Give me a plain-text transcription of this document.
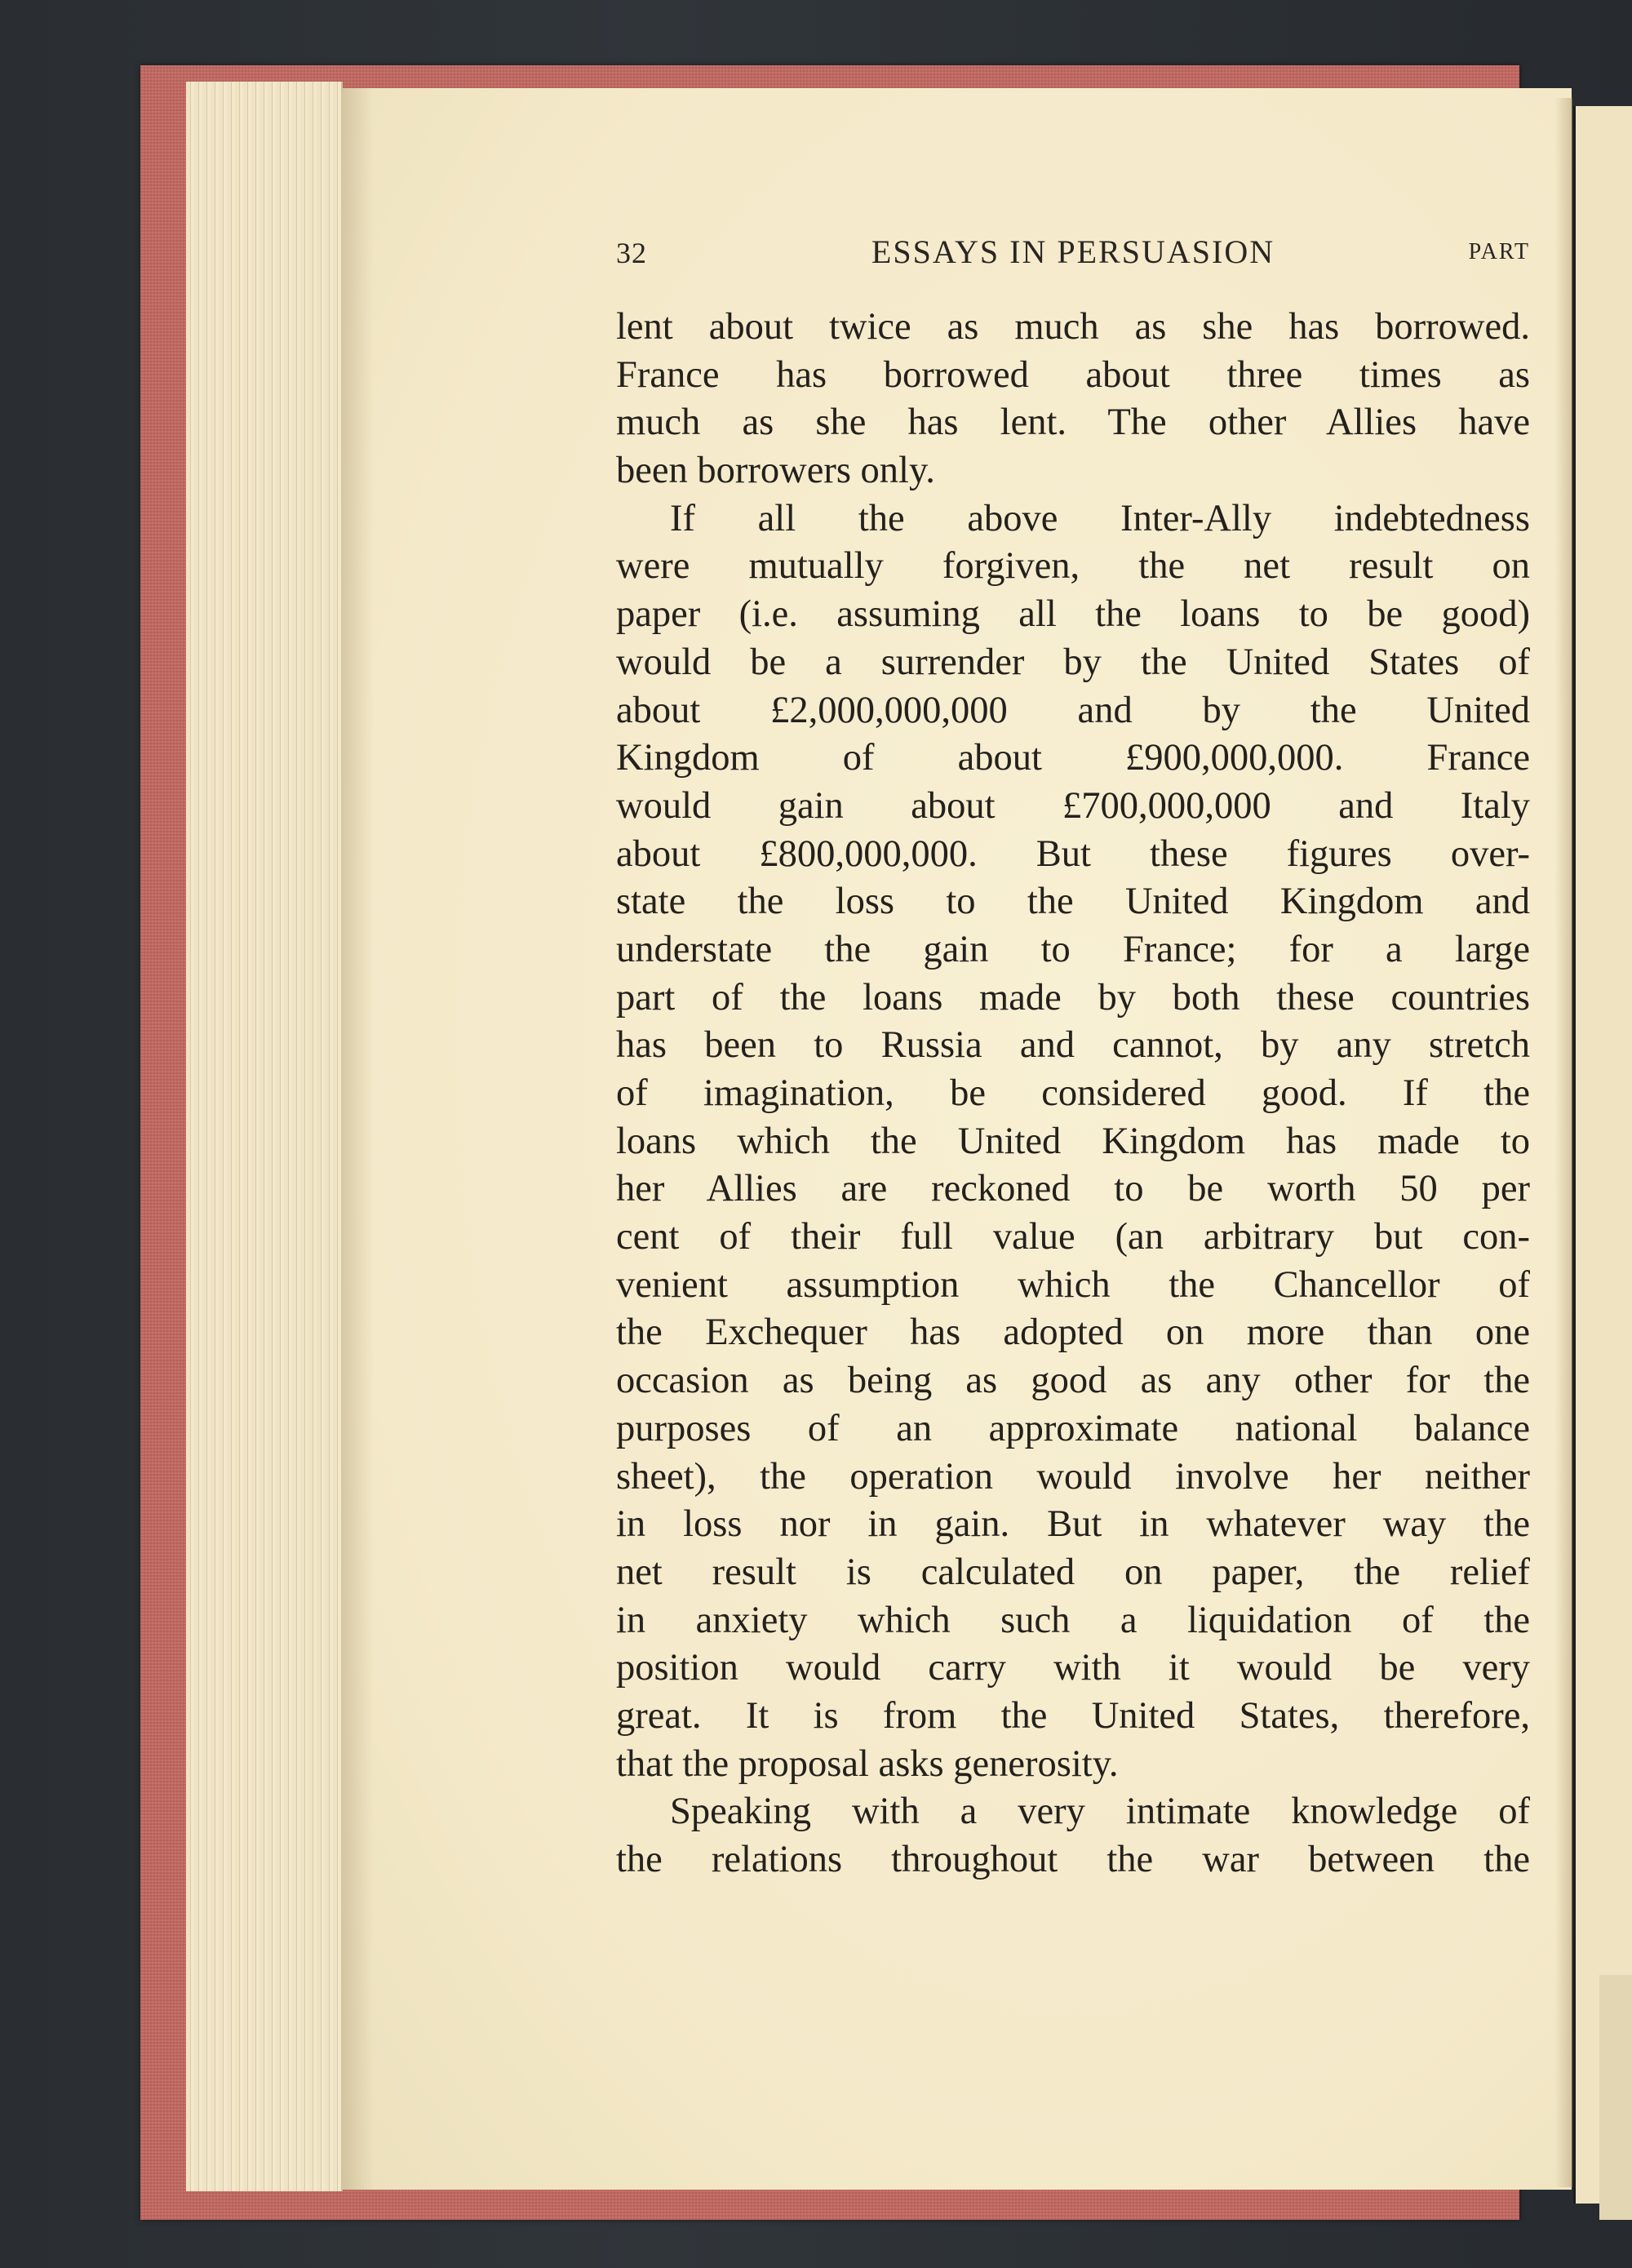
32	ESSAYS IN PERSUASION	PART
lent about twice as much as she has borrowed.
France has borrowed about three times as
much as she has lent. The other Allies have
been borrowers only.
If all the above Inter-Ally indebtedness
were mutually forgiven, the net result on
paper (i.e. assuming all the loans to be good)
would be a surrender by the United States of
about £2,000,000,000 and by the United
Kingdom of about £900,000,000. France
would gain about £700,000,000 and Italy
about £800,000,000. But these figures over-
state the loss to the United Kingdom and
understate the gain to France; for a large
part of the loans made by both these countries
has been to Russia and cannot, by any stretch
of imagination, be considered good. If the
loans which the United Kingdom has made to
her Allies are reckoned to be worth 50 per
cent of their full value (an arbitrary but con-
venient assumption which the Chancellor of
the Exchequer has adopted on more than one
occasion as being as good as any other for the
purposes of an approximate national balance
sheet), the operation would involve her neither
in loss nor in gain. But in whatever way the
net result is calculated on paper, the relief
in anxiety which such a liquidation of the
position would carry with it would be very
great. It is from the United States, therefore,
that the proposal asks generosity.
Speaking with a very intimate knowledge of
the relations throughout the war between the
